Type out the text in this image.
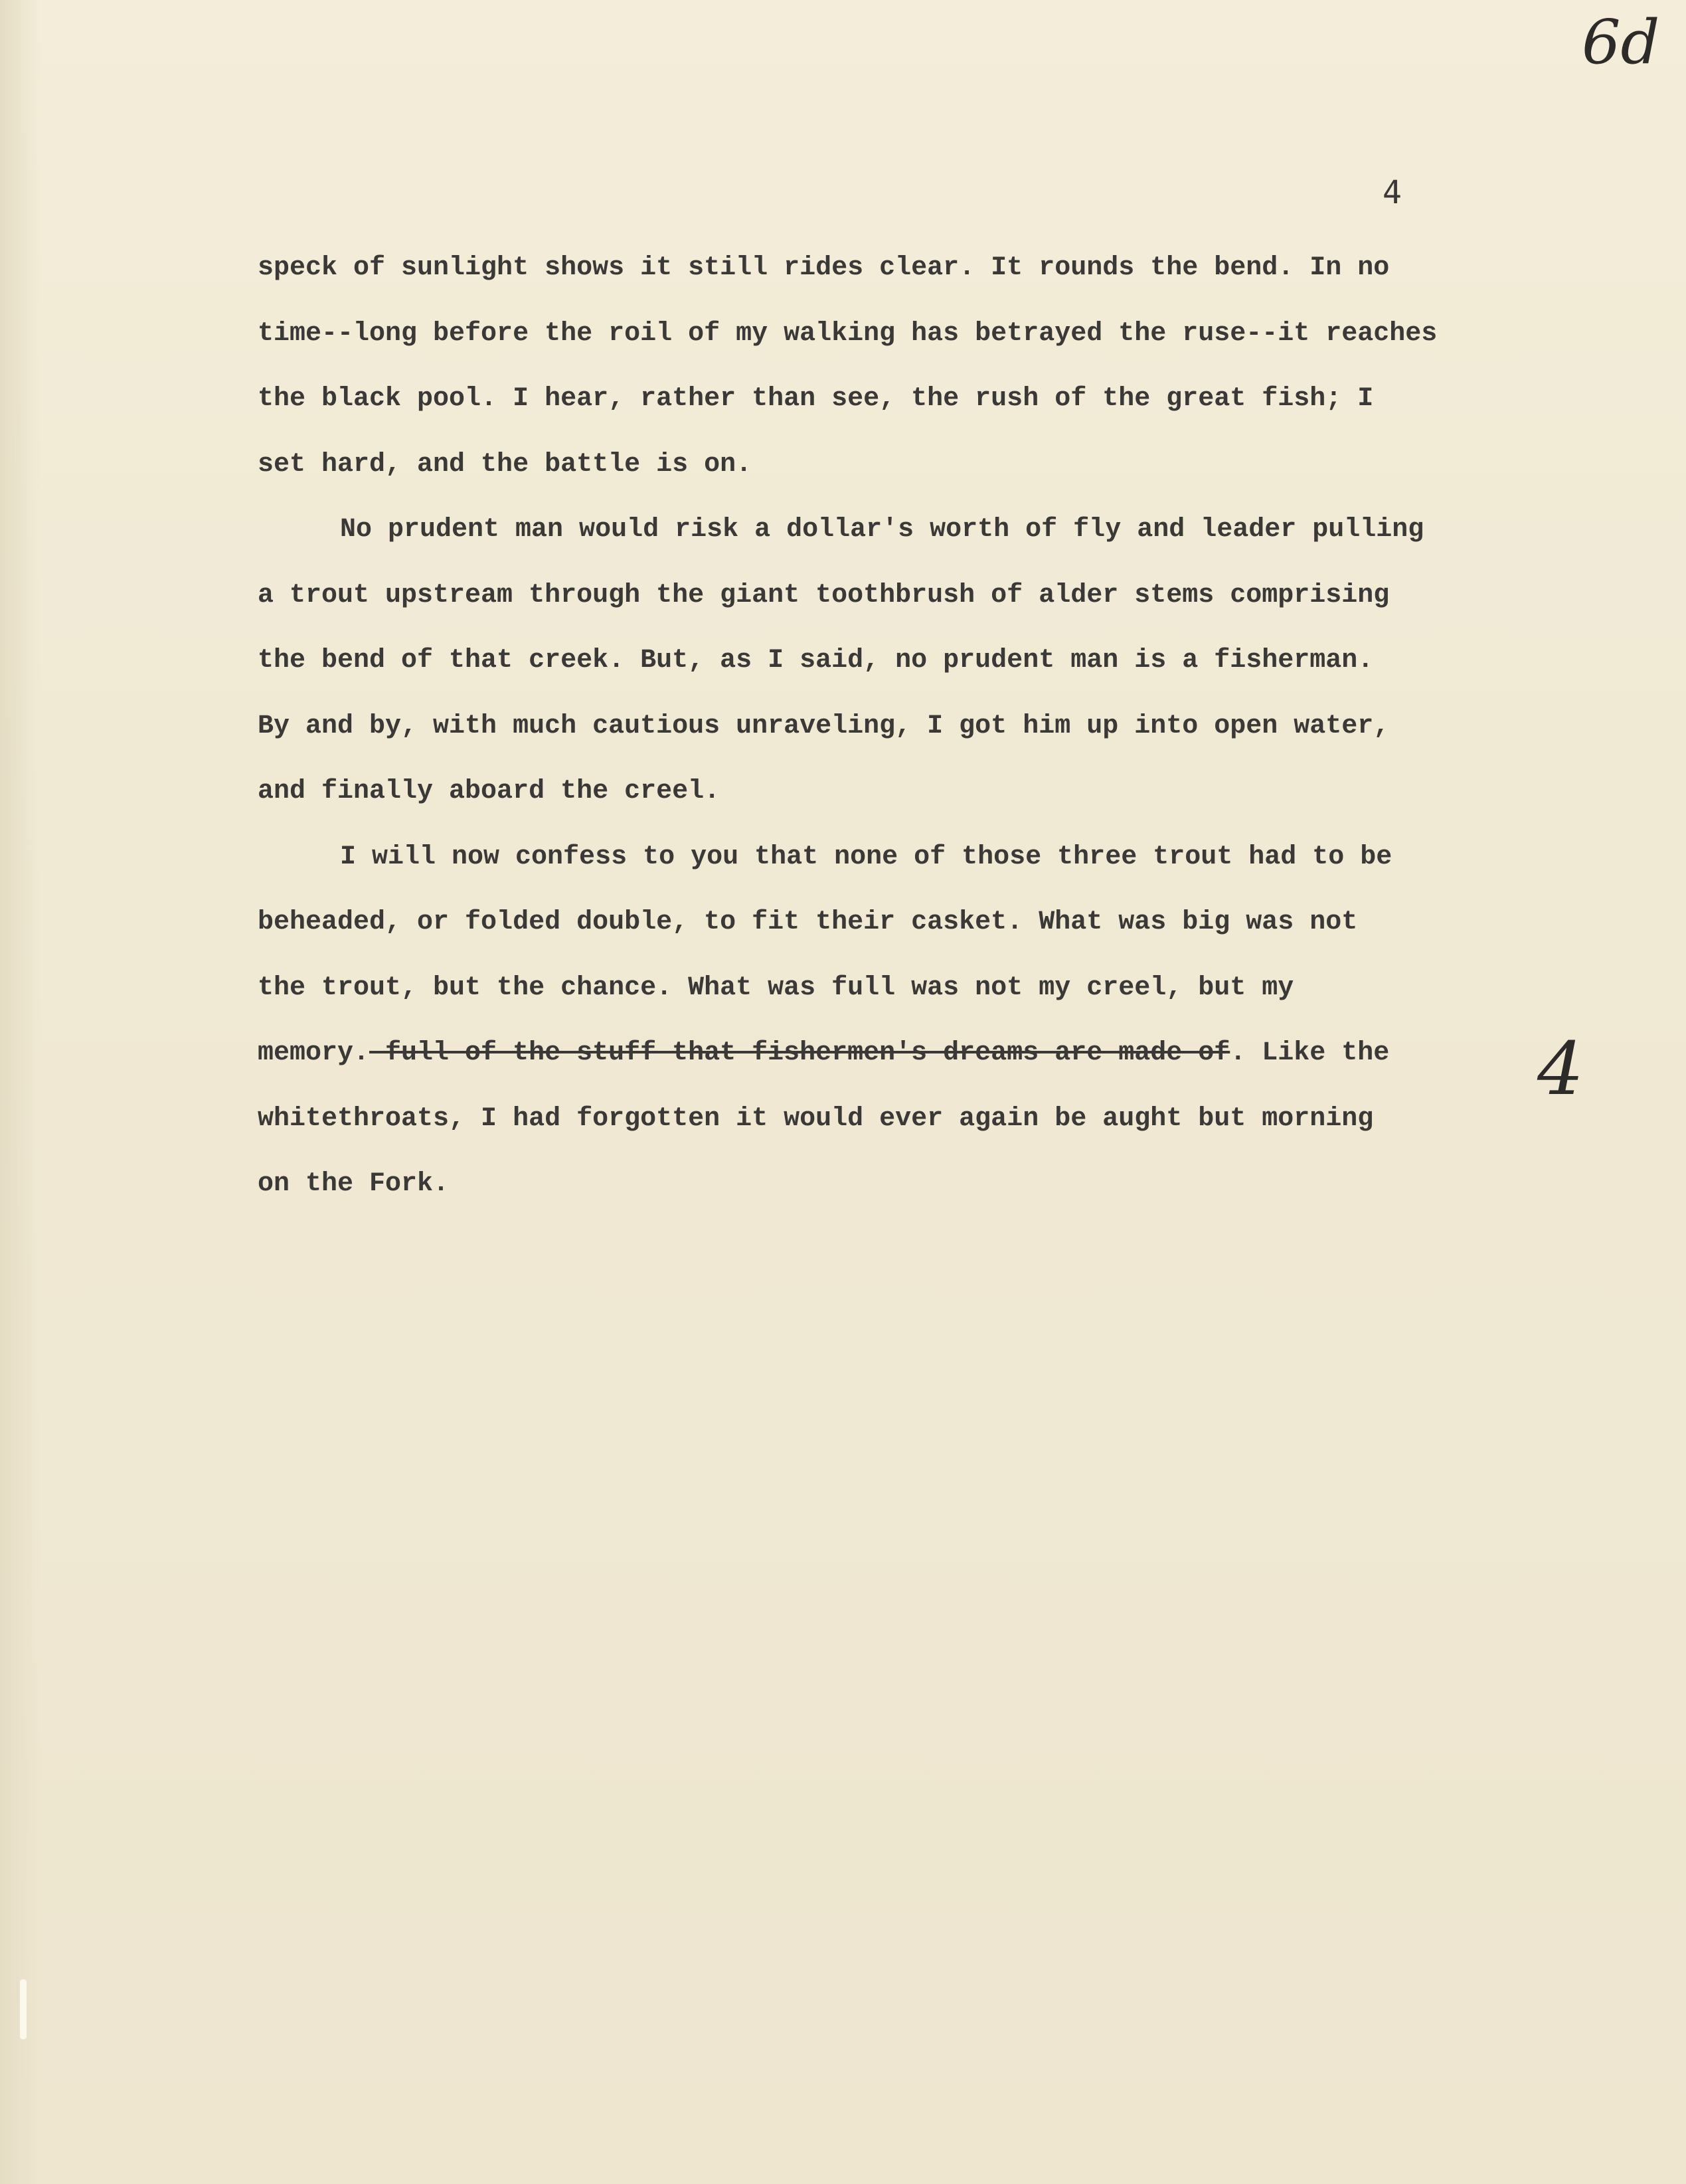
6d
4
speck of sunlight shows it still rides clear. It rounds the bend. In no
time--long before the roil of my walking has betrayed the ruse--it reaches
the black pool. I hear, rather than see, the rush of the great fish; I
set hard, and the battle is on.
No prudent man would risk a dollar's worth of fly and leader pulling
a trout upstream through the giant toothbrush of alder stems comprising
the bend of that creek. But, as I said, no prudent man is a fisherman.
By and by, with much cautious unraveling, I got him up into open water,
and finally aboard the creel.
I will now confess to you that none of those three trout had to be
beheaded, or folded double, to fit their casket. What was big was not
the trout, but the chance. What was full was not my creel, but my
memory. full of the stuff that fishermen's dreams are made of. Like the
whitethroats, I had forgotten it would ever again be aught but morning
on the Fork.
4
